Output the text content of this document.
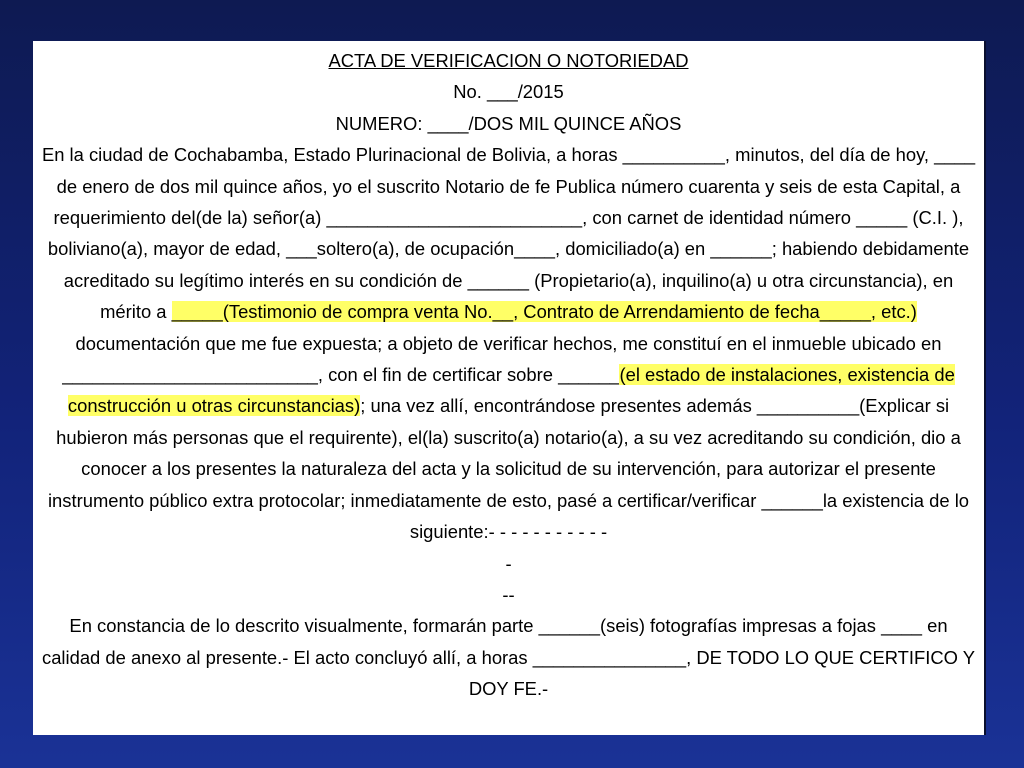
ACTA DE VERIFICACION O NOTORIEDAD

No. ___/2015

NUMERO: ____/DOS MIL QUINCE AÑOS

En la ciudad de Cochabamba, Estado Plurinacional de Bolivia, a horas __________, minutos, del día de hoy, ____ de enero de dos mil quince años, yo el suscrito Notario de fe Publica número cuarenta y seis de esta Capital, a requerimiento del(de la) señor(a) _________________________, con carnet de identidad número _____ (C.I. ), boliviano(a), mayor de edad, ___soltero(a), de ocupación____, domiciliado(a) en ______; habiendo debidamente acreditado su legítimo interés en su condición de ______ (Propietario(a), inquilino(a) u otra circunstancia), en mérito a _____(Testimonio de compra venta No.__, Contrato de Arrendamiento de fecha_____, etc.) documentación que me fue expuesta; a objeto de verificar hechos, me constituí en el inmueble ubicado en _________________________, con el fin de certificar sobre ______(el estado de instalaciones, existencia de construcción u otras circunstancias); una vez allí, encontrándose presentes además __________(Explicar si hubieron más personas que el requirente), el(la) suscrito(a) notario(a), a su vez acreditando su condición, dio a conocer a los presentes la naturaleza del acta y la solicitud de su intervención, para autorizar el presente instrumento público extra protocolar; inmediatamente de esto, pasé a certificar/verificar ______la existencia de lo siguiente:- - - - - - - - - - -

-

--

En constancia de lo descrito visualmente, formarán parte ______(seis) fotografías impresas a fojas ____ en calidad de anexo al presente.- El acto concluyó allí, a horas _______________, DE TODO LO QUE CERTIFICO Y DOY FE.-
